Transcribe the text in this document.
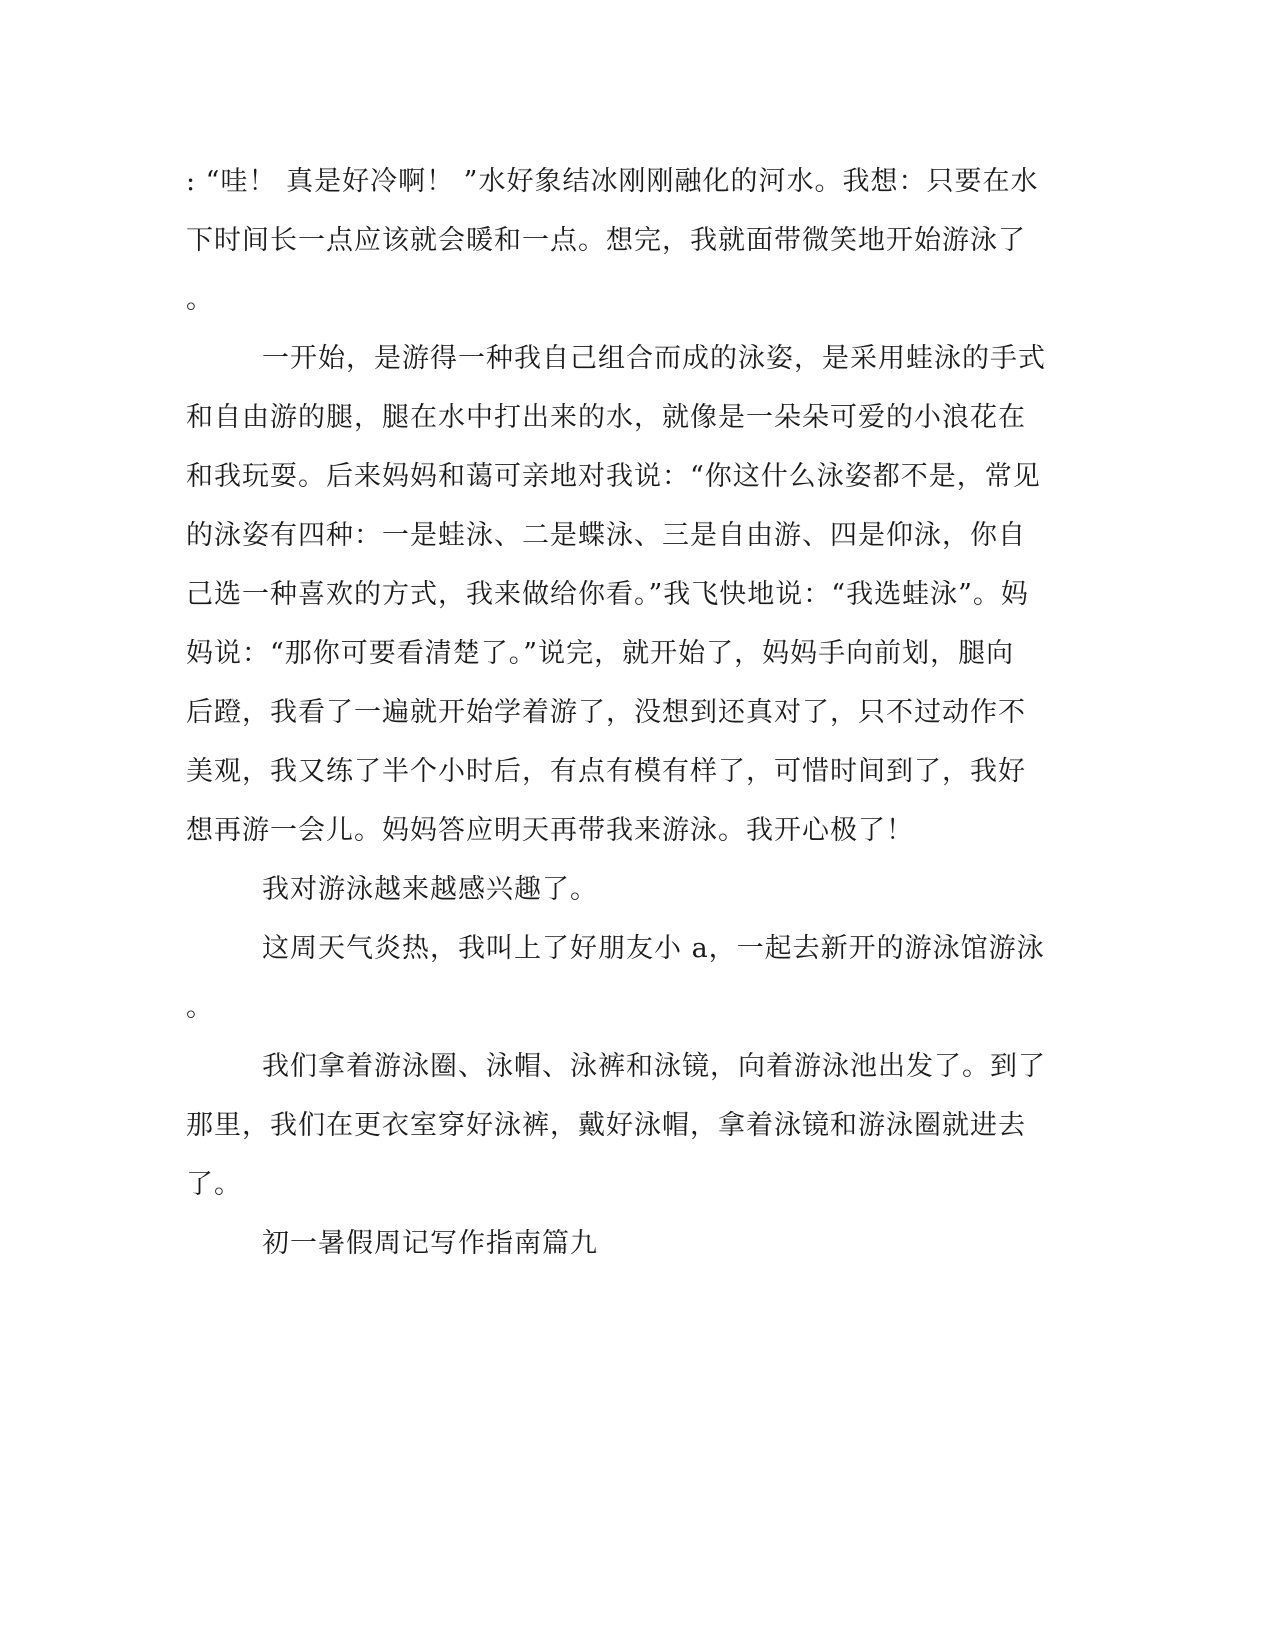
: “哇！ 真是好冷啊！ ”水好象结冰刚刚融化的河水。我想：只要在水

下时间长一点应该就会暖和一点。想完，我就面带微笑地开始游泳了

。

一开始，是游得一种我自己组合而成的泳姿，是采用蛙泳的手式

和自由游的腿，腿在水中打出来的水，就像是一朵朵可爱的小浪花在

和我玩耍。后来妈妈和蔼可亲地对我说：“你这什么泳姿都不是，常见

的泳姿有四种：一是蛙泳、二是蝶泳、三是自由游、四是仰泳，你自

己选一种喜欢的方式，我来做给你看。”我飞快地说：“我选蛙泳”。妈

妈说：“那你可要看清楚了。”说完，就开始了，妈妈手向前划，腿向

后蹬，我看了一遍就开始学着游了，没想到还真对了，只不过动作不

美观，我又练了半个小时后，有点有模有样了，可惜时间到了，我好

想再游一会儿。妈妈答应明天再带我来游泳。我开心极了！

我对游泳越来越感兴趣了。

这周天气炎热，我叫上了好朋友小 a，一起去新开的游泳馆游泳

。

我们拿着游泳圈、泳帽、泳裤和泳镜，向着游泳池出发了。到了

那里，我们在更衣室穿好泳裤，戴好泳帽，拿着泳镜和游泳圈就进去

了。

初一暑假周记写作指南篇九
